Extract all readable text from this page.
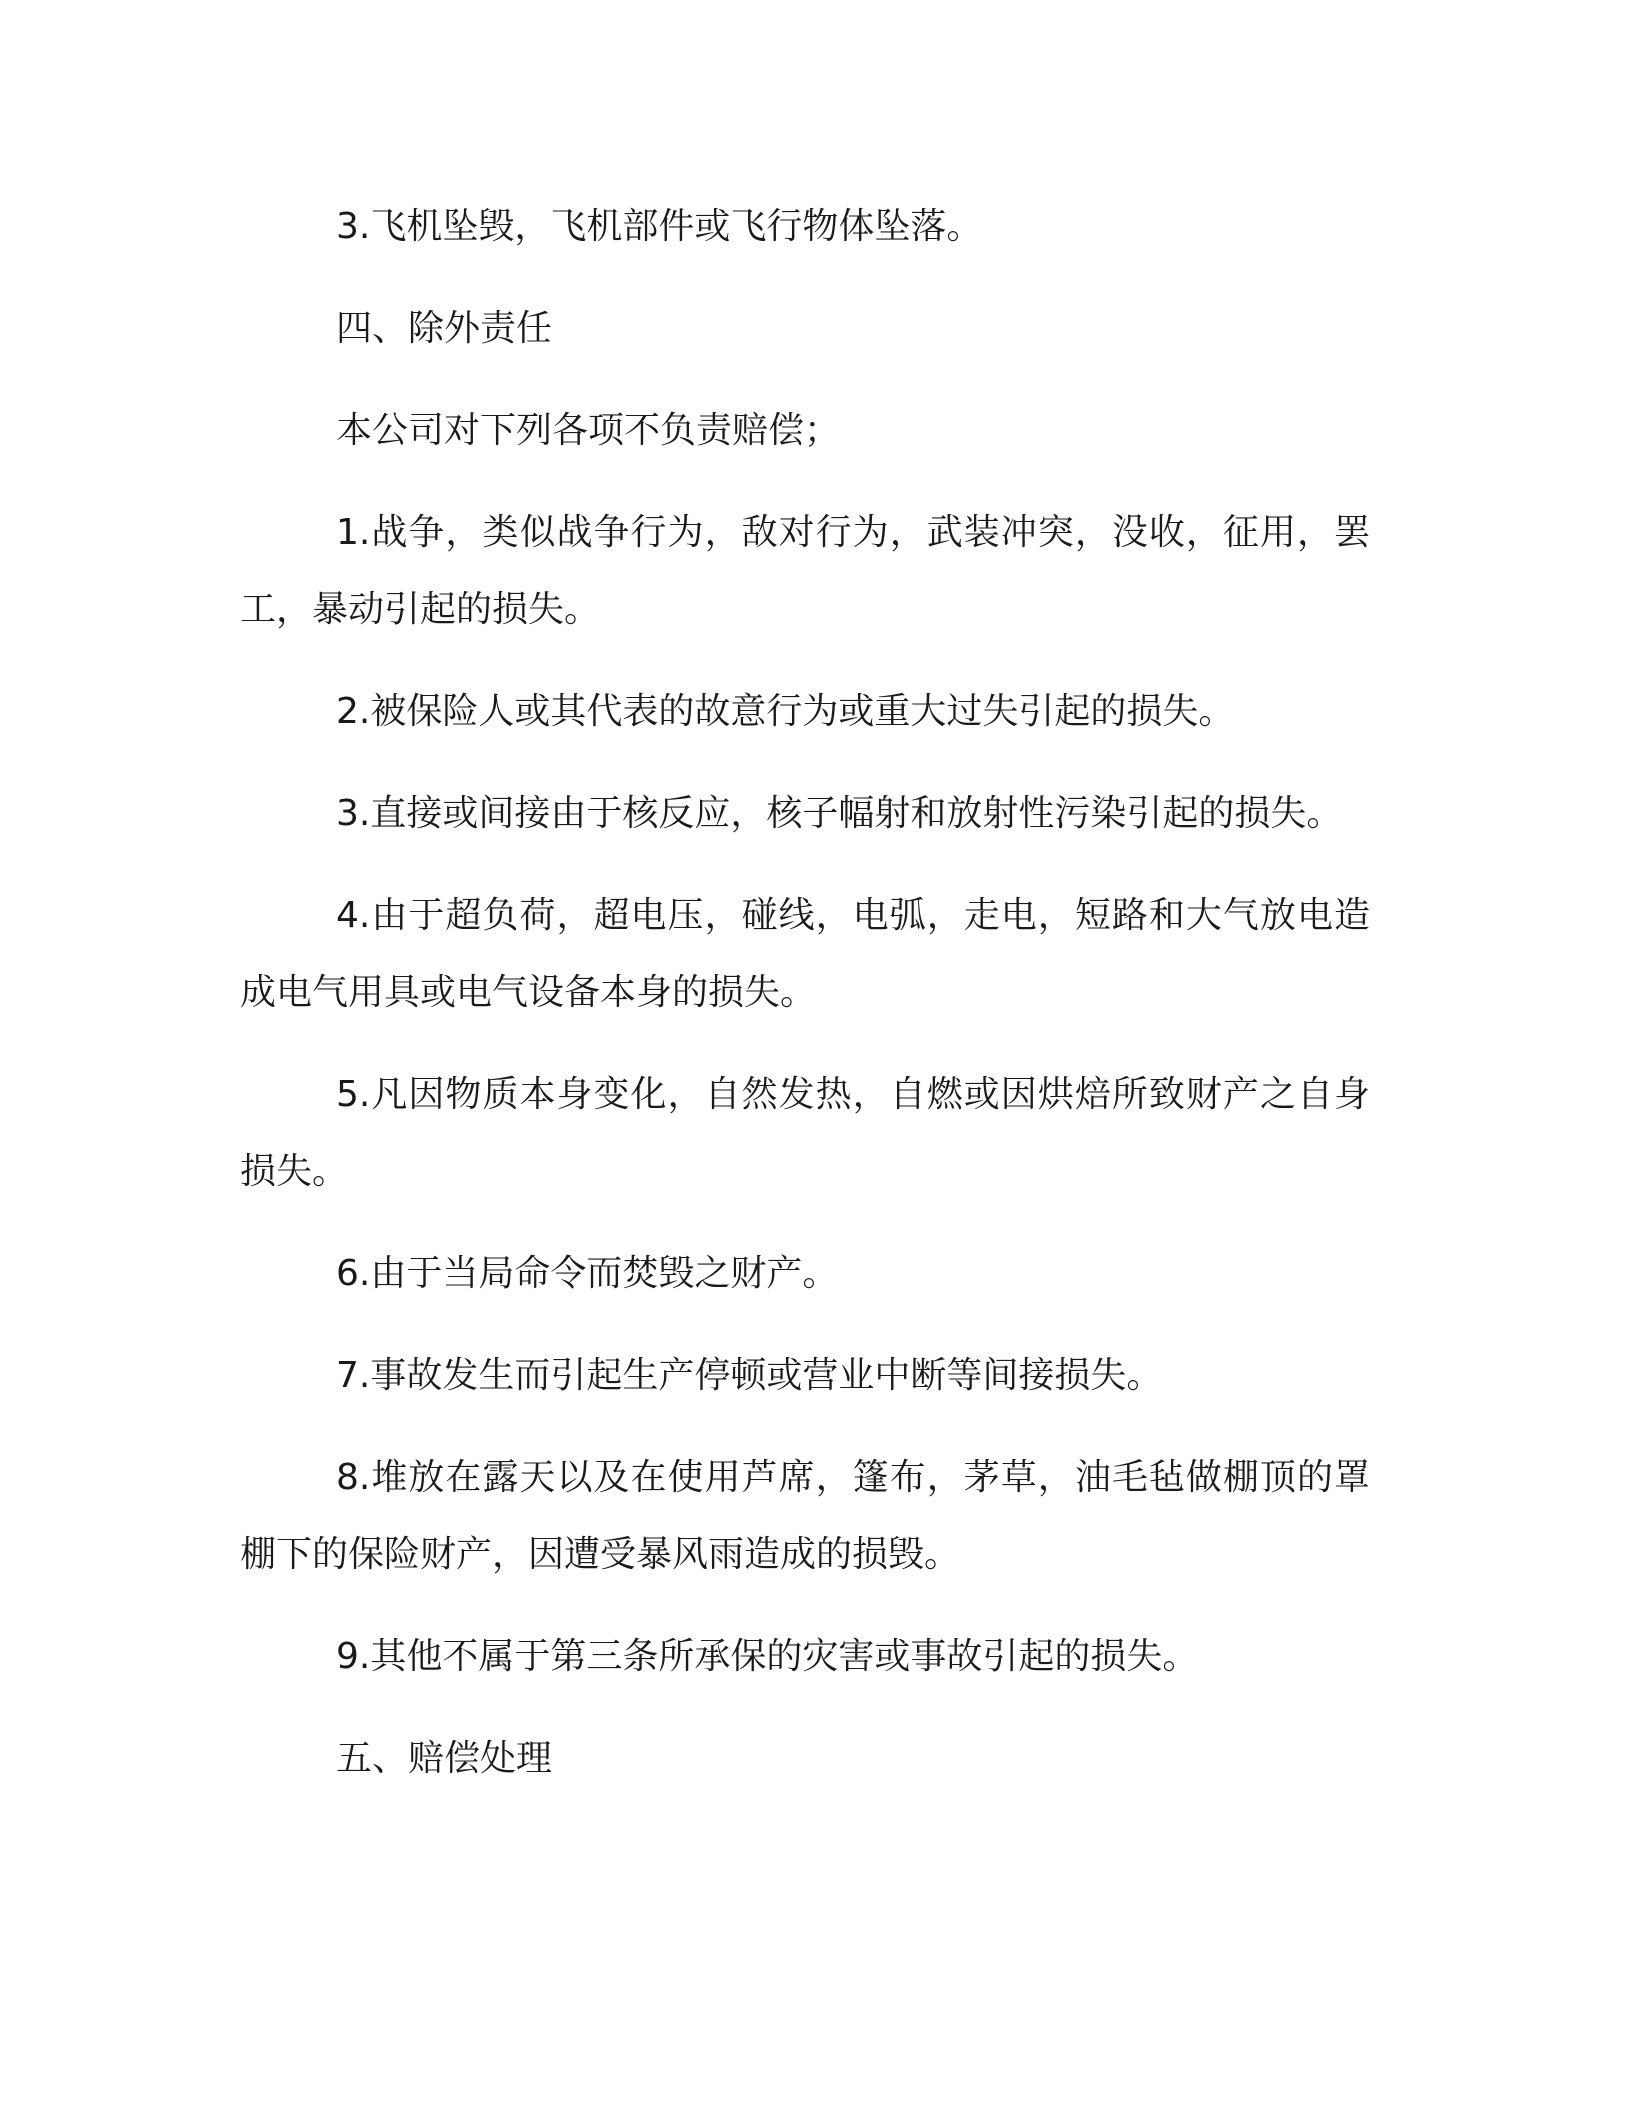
3.飞机坠毁，飞机部件或飞行物体坠落。

四、除外责任

本公司对下列各项不负责赔偿；

1.战争，类似战争行为，敌对行为，武装冲突，没收，征用，罢工，暴动引起的损失。

2.被保险人或其代表的故意行为或重大过失引起的损失。

3.直接或间接由于核反应，核子幅射和放射性污染引起的损失。

4.由于超负荷，超电压，碰线，电弧，走电，短路和大气放电造成电气用具或电气设备本身的损失。

5.凡因物质本身变化，自然发热，自燃或因烘焙所致财产之自身损失。

6.由于当局命令而焚毁之财产。

7.事故发生而引起生产停顿或营业中断等间接损失。

8.堆放在露天以及在使用芦席，篷布，茅草，油毛毡做棚顶的罩棚下的保险财产，因遭受暴风雨造成的损毁。

9.其他不属于第三条所承保的灾害或事故引起的损失。

五、赔偿处理
